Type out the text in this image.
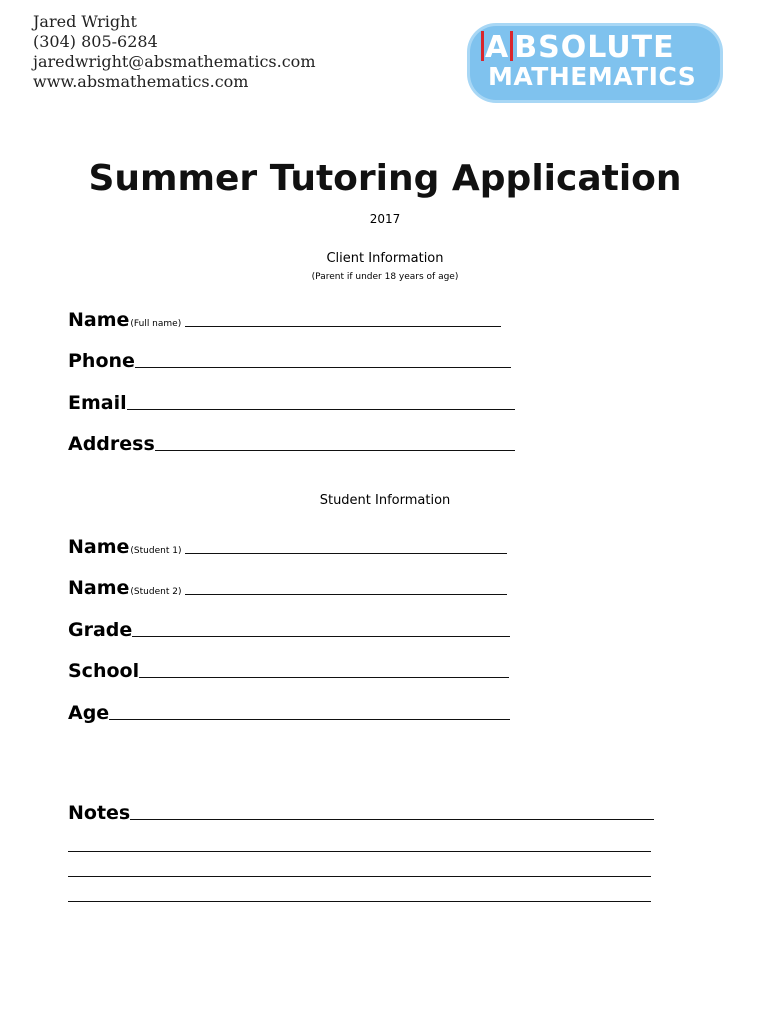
Jared Wright
(304) 805-6284
jaredwright@absmathematics.com
www.absmathematics.com
A BSOLUTE
MATHEMATICS
Summer Tutoring Application
2017
Client Information
(Parent if under 18 years of age)
Name (Full name)
Phone
Email
Address
Student Information
Name (Student 1)
Name (Student 2)
Grade
School
Age
Notes
